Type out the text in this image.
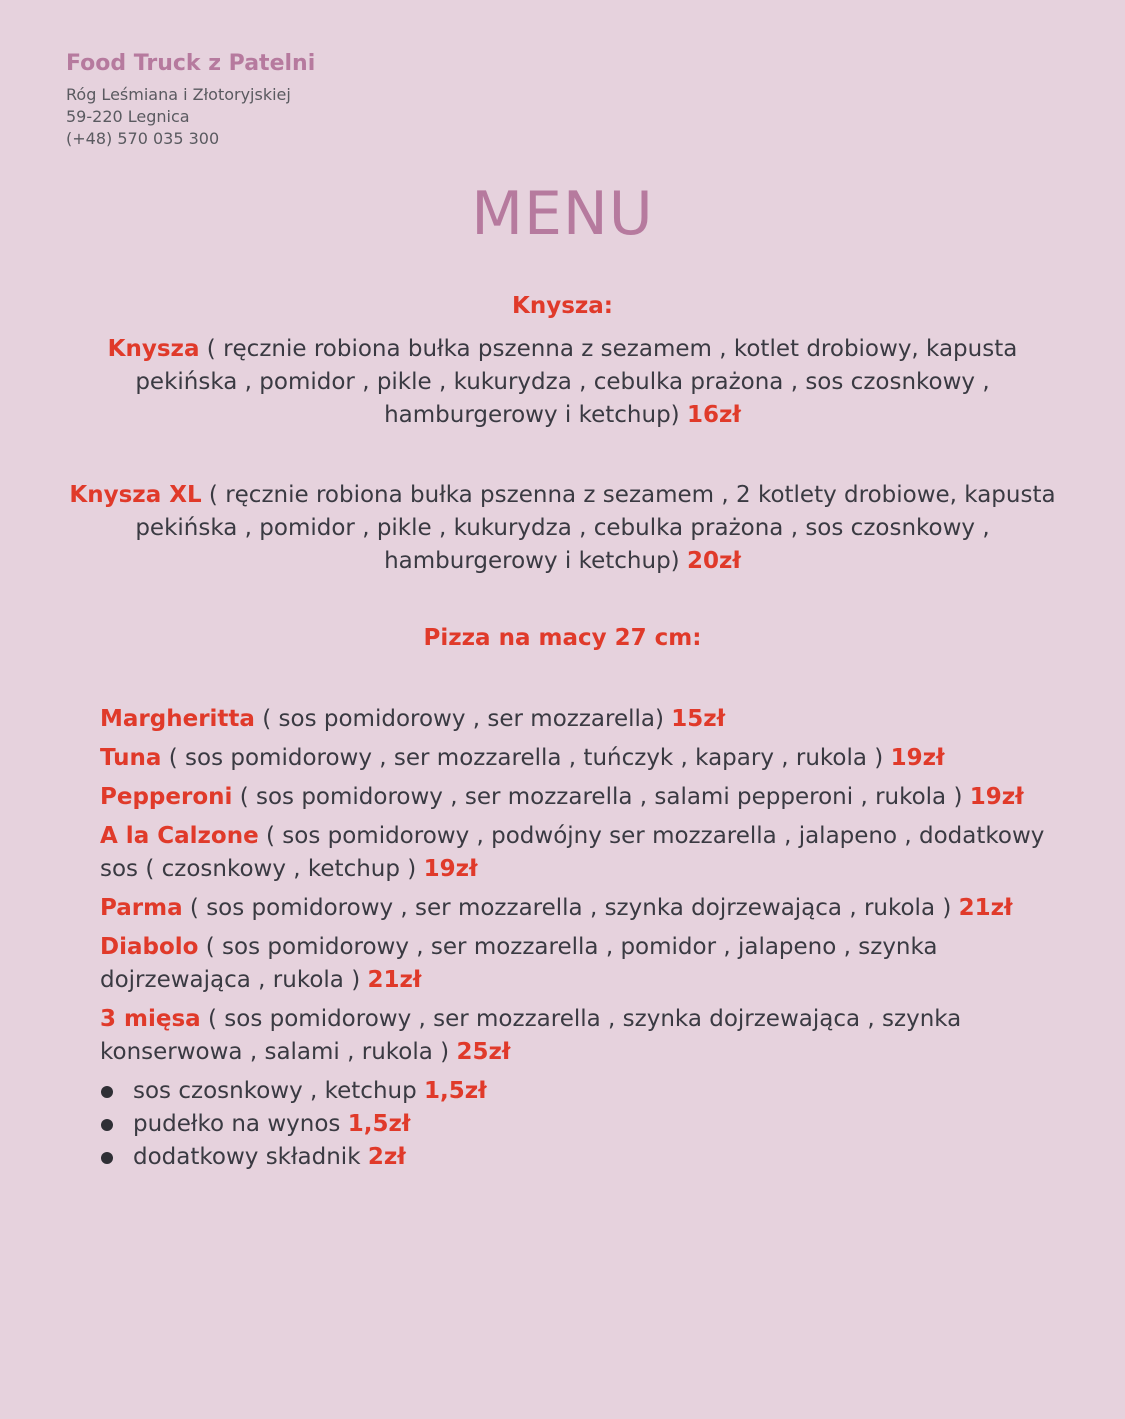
Food Truck z Patelni
Róg Leśmiana i Złotoryjskiej
59-220 Legnica
(+48) 570 035 300
MENU
Knysza:
Knysza ( ręcznie robiona bułka pszenna z sezamem , kotlet drobiowy, kapusta pekińska , pomidor , pikle , kukurydza , cebulka prażona , sos czosnkowy , hamburgerowy i ketchup) 16zł
Knysza XL ( ręcznie robiona bułka pszenna z sezamem , 2 kotlety drobiowe, kapusta pekińska , pomidor , pikle , kukurydza , cebulka prażona , sos czosnkowy , hamburgerowy i ketchup) 20zł
Pizza na macy 27 cm:
Margheritta ( sos pomidorowy , ser mozzarella) 15zł
Tuna ( sos pomidorowy , ser mozzarella , tuńczyk , kapary , rukola ) 19zł
Pepperoni ( sos pomidorowy , ser mozzarella , salami pepperoni , rukola ) 19zł
A la Calzone ( sos pomidorowy , podwójny ser mozzarella , jalapeno , dodatkowy sos ( czosnkowy , ketchup ) 19zł
Parma ( sos pomidorowy , ser mozzarella , szynka dojrzewająca , rukola ) 21zł
Diabolo ( sos pomidorowy , ser mozzarella , pomidor , jalapeno , szynka dojrzewająca , rukola ) 21zł
3 mięsa ( sos pomidorowy , ser mozzarella , szynka dojrzewająca , szynka konserwowa , salami , rukola ) 25zł
sos czosnkowy , ketchup 1,5zł
pudełko na wynos 1,5zł
dodatkowy składnik 2zł
